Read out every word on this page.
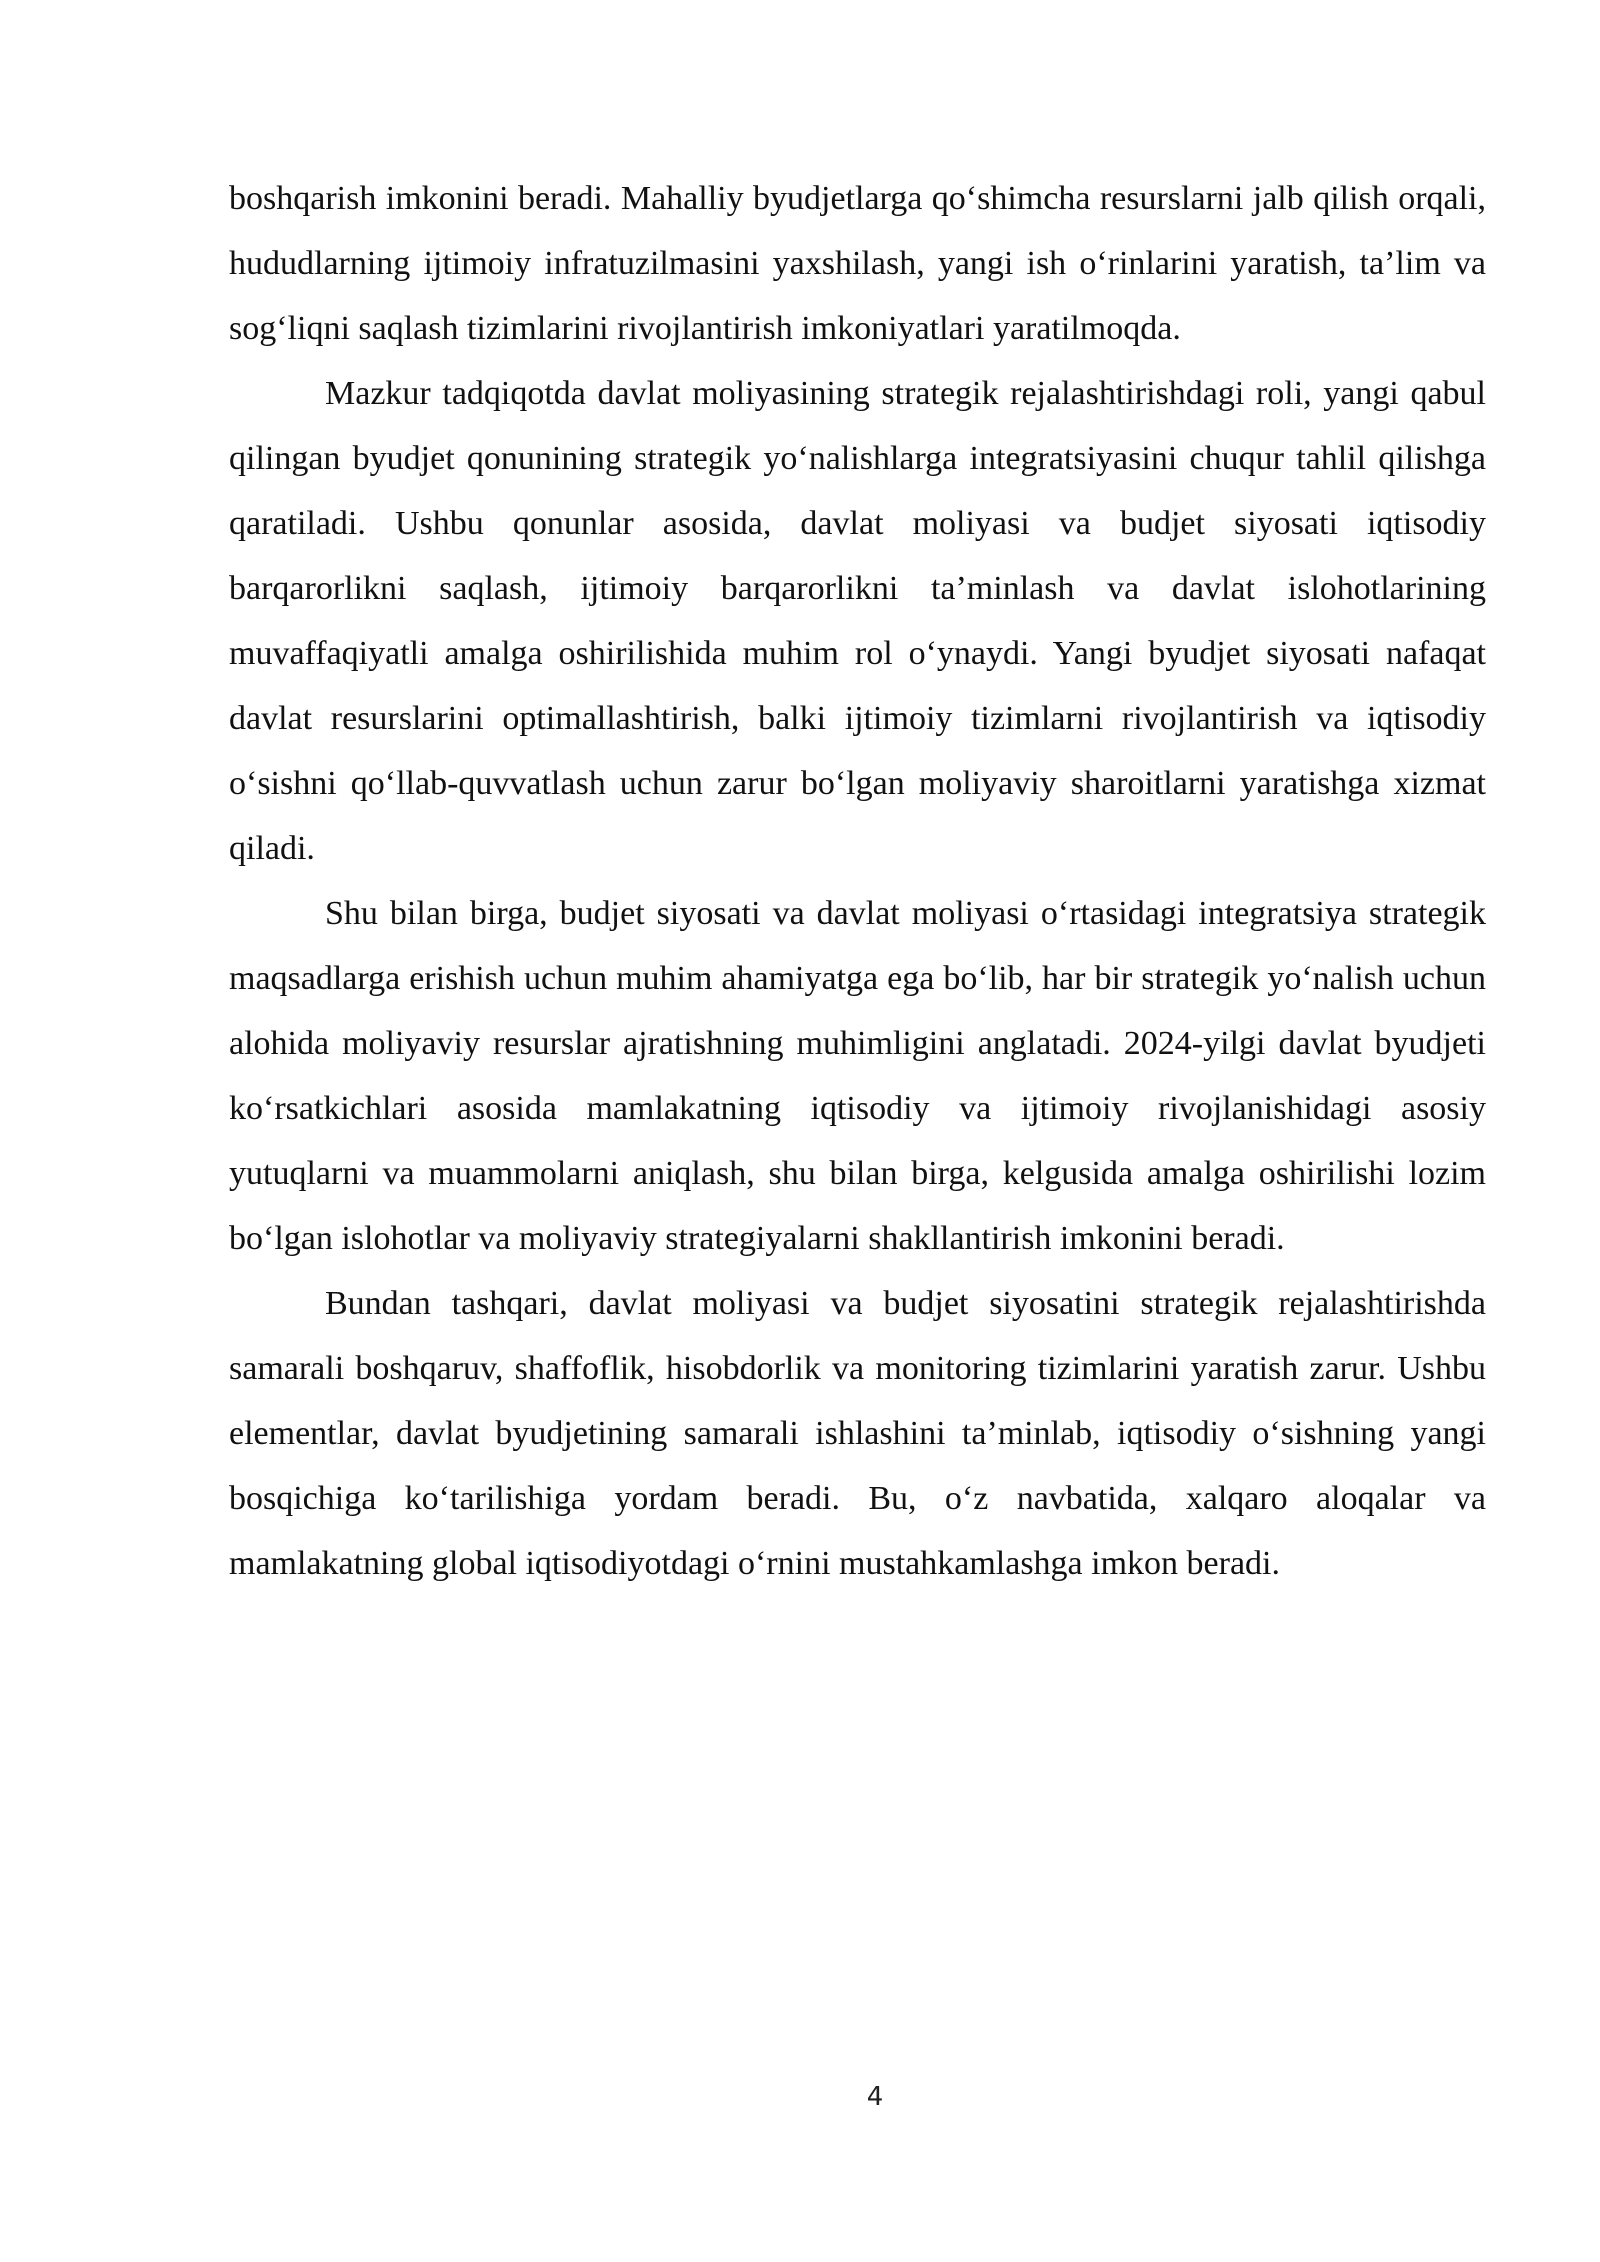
boshqarish imkonini beradi. Mahalliy byudjetlarga qo‘shimcha resurslarni jalb qilish orqali, hududlarning ijtimoiy infratuzilmasini yaxshilash, yangi ish o‘rinlarini yaratish, ta’lim va sog‘liqni saqlash tizimlarini rivojlantirish imkoniyatlari yaratilmoqda.

Mazkur tadqiqotda davlat moliyasining strategik rejalashtirishdagi roli, yangi qabul qilingan byudjet qonunining strategik yo‘nalishlarga integratsiyasini chuqur tahlil qilishga qaratiladi. Ushbu qonunlar asosida, davlat moliyasi va budjet siyosati iqtisodiy barqarorlikni saqlash, ijtimoiy barqarorlikni ta’minlash va davlat islohotlarining muvaffaqiyatli amalga oshirilishida muhim rol o‘ynaydi. Yangi byudjet siyosati nafaqat davlat resurslarini optimallashtirish, balki ijtimoiy tizimlarni rivojlantirish va iqtisodiy o‘sishni qo‘llab-quvvatlash uchun zarur bo‘lgan moliyaviy sharoitlarni yaratishga xizmat qiladi.

Shu bilan birga, budjet siyosati va davlat moliyasi o‘rtasidagi integratsiya strategik maqsadlarga erishish uchun muhim ahamiyatga ega bo‘lib, har bir strategik yo‘nalish uchun alohida moliyaviy resurslar ajratishning muhimligini anglatadi. 2024-yilgi davlat byudjeti ko‘rsatkichlari asosida mamlakatning iqtisodiy va ijtimoiy rivojlanishidagi asosiy yutuqlarni va muammolarni aniqlash, shu bilan birga, kelgusida amalga oshirilishi lozim bo‘lgan islohotlar va moliyaviy strategiyalarni shakllantirish imkonini beradi.

Bundan tashqari, davlat moliyasi va budjet siyosatini strategik rejalashtirishda samarali boshqaruv, shaffoflik, hisobdorlik va monitoring tizimlarini yaratish zarur. Ushbu elementlar, davlat byudjetining samarali ishlashini ta’minlab, iqtisodiy o‘sishning yangi bosqichiga ko‘tarilishiga yordam beradi. Bu, o‘z navbatida, xalqaro aloqalar va mamlakatning global iqtisodiyotdagi o‘rnini mustahkamlashga imkon beradi.

4
